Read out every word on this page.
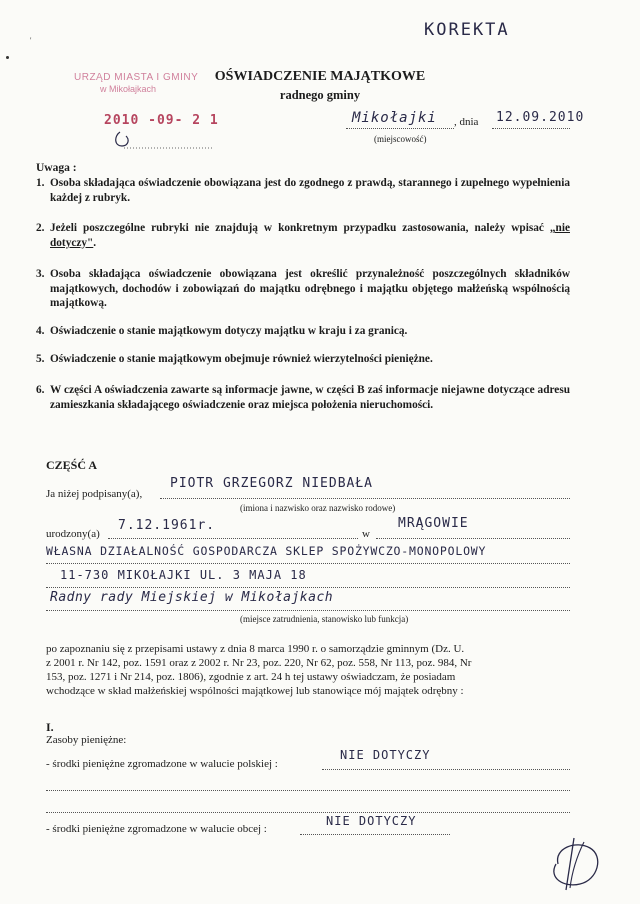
'
KOREKTA
URZĄD MIASTA I GMINY
w Mikołajkach
2010 -09- 2 1
OŚWIADCZENIE MAJĄTKOWE
radnego gminy
Mikołajki , dnia 12.09.2010
(miejscowość)
Uwaga :
1. Osoba składająca oświadczenie obowiązana jest do zgodnego z prawdą, starannego i zupełnego wypełnienia każdej z rubryk.
2. Jeżeli poszczególne rubryki nie znajdują w konkretnym przypadku zastosowania, należy wpisać „nie dotyczy".
3. Osoba składająca oświadczenie obowiązana jest określić przynależność poszczególnych składników majątkowych, dochodów i zobowiązań do majątku odrębnego i majątku objętego małżeńską wspólnością majątkową.
4. Oświadczenie o stanie majątkowym dotyczy majątku w kraju i za granicą.
5. Oświadczenie o stanie majątkowym obejmuje również wierzytelności pieniężne.
6. W części A oświadczenia zawarte są informacje jawne, w części B zaś informacje niejawne dotyczące adresu zamieszkania składającego oświadczenie oraz miejsca położenia nieruchomości.
CZĘŚĆ A
Ja niżej podpisany(a),
PIOTR GRZEGORZ NIEDBAŁA
(imiona i nazwisko oraz nazwisko rodowe)
urodzony(a)
7.12.1961r.
w
MRĄGOWIE
WŁASNA DZIAŁALNOŚĆ GOSPODARCZA SKLEP SPOŻYWCZO-MONOPOLOWY
11-730 MIKOŁAJKI UL. 3 MAJA 18
Radny rady Miejskiej w Mikołajkach
(miejsce zatrudnienia, stanowisko lub funkcja)
po zapoznaniu się z przepisami ustawy z dnia 8 marca 1990 r. o samorządzie gminnym (Dz. U.
z 2001 r. Nr 142, poz. 1591 oraz z 2002 r. Nr 23, poz. 220, Nr 62, poz. 558, Nr 113, poz. 984, Nr
153, poz. 1271 i Nr 214, poz. 1806), zgodnie z art. 24 h tej ustawy oświadczam, że posiadam
wchodzące w skład małżeńskiej wspólności majątkowej lub stanowiące mój majątek odrębny :
I.
Zasoby pieniężne:
- środki pieniężne zgromadzone w walucie polskiej :
NIE DOTYCZY
- środki pieniężne zgromadzone w walucie obcej :
NIE DOTYCZY
